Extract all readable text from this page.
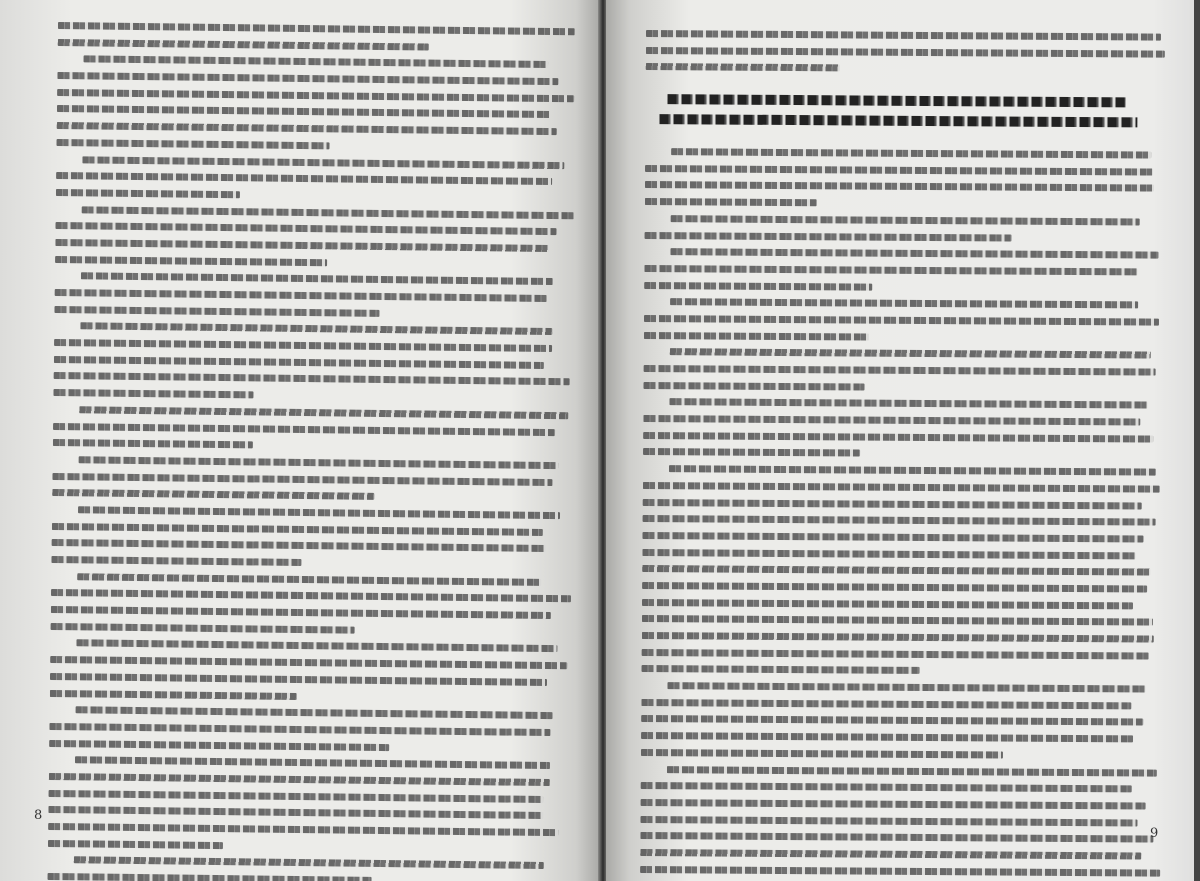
8
9
